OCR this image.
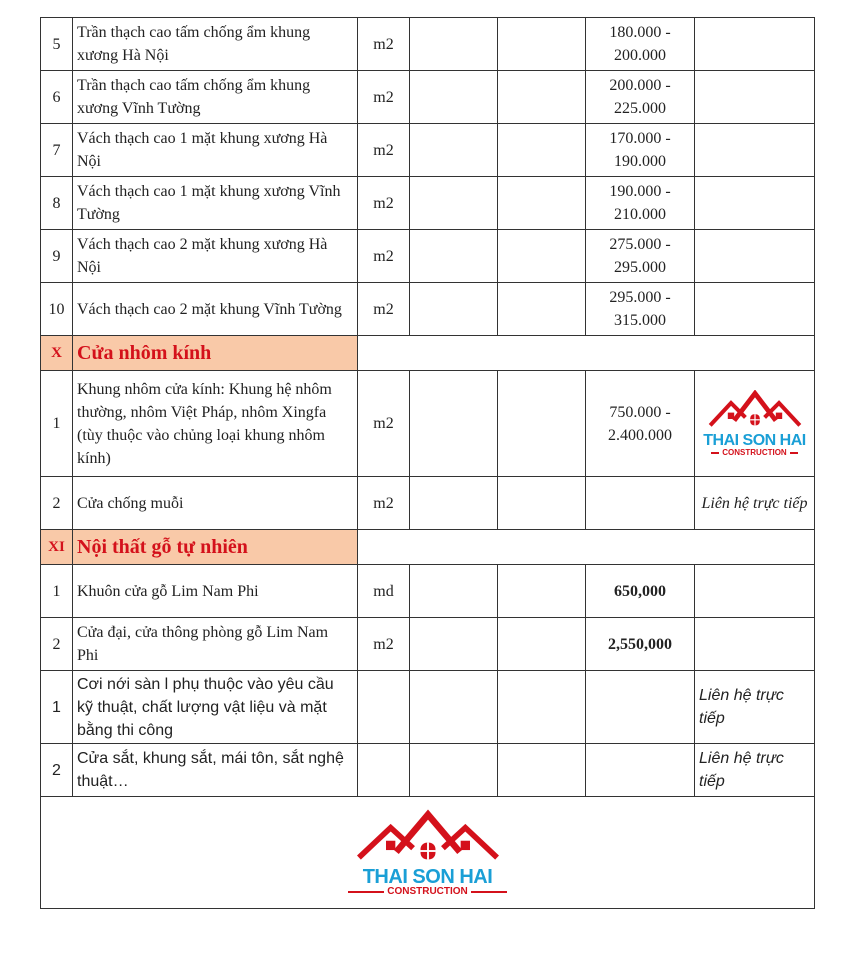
5	Trần thạch cao tấm chống ẩm khung xương Hà Nội	m2			180.000 - 200.000	
6	Trần thạch cao tấm chống ẩm khung xương Vĩnh Tường	m2			200.000 - 225.000	
7	Vách thạch cao 1 mặt khung xương Hà Nội	m2			170.000 - 190.000	
8	Vách thạch cao 1 mặt khung xương Vĩnh Tường	m2			190.000 - 210.000	
9	Vách thạch cao 2 mặt khung xương Hà Nội	m2			275.000 - 295.000	
10	Vách thạch cao 2 mặt khung Vĩnh Tường	m2			295.000 - 315.000	
X	Cửa nhôm kính					
1	Khung nhôm cửa kính: Khung hệ nhôm thường, nhôm Việt Pháp, nhôm Xingfa (tùy thuộc vào chủng loại khung nhôm kính)	m2			750.000 - 2.400.000	THAI SON HAI
CONSTRUCTION

2	Cửa chống muỗi	m2				Liên hệ trực tiếp
XI	Nội thất gỗ tự nhiên					
1	Khuôn cửa gỗ Lim Nam Phi	md			650,000	
2	Cửa đại, cửa thông phòng gỗ Lim Nam Phi	m2			2,550,000	
1	Cơi nới sàn l phụ thuộc vào yêu cầu kỹ thuật, chất lượng vật liệu và mặt bằng thi công					Liên hệ trực tiếp
2	Cửa sắt, khung sắt, mái tôn, sắt nghệ thuật…					Liên hệ trực tiếp

THAI SON HAI
CONSTRUCTION						
